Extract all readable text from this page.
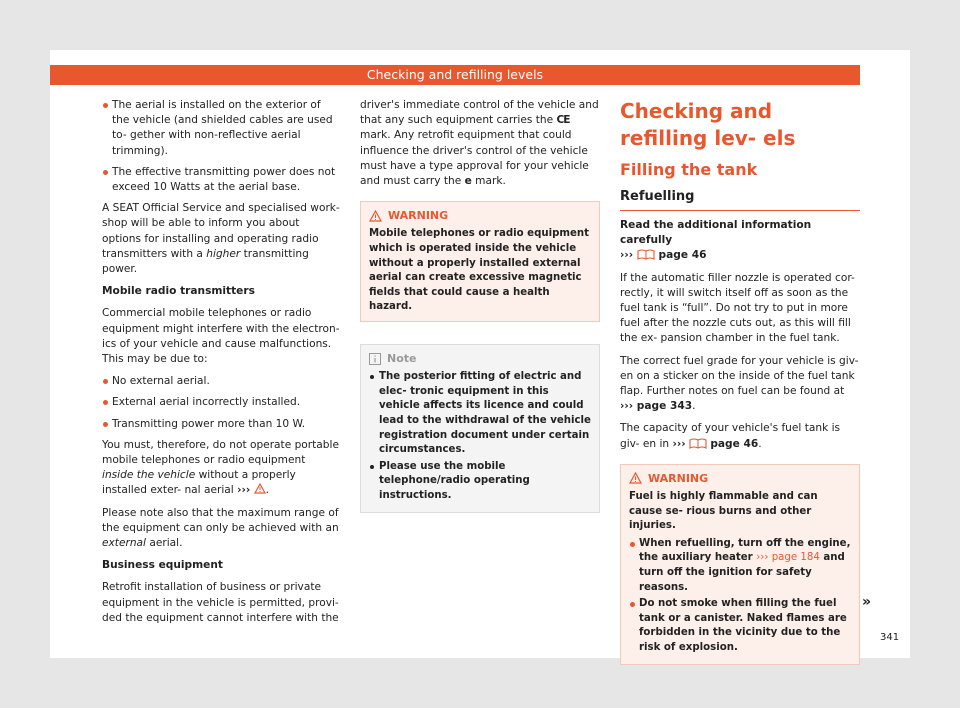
Checking and refilling levels
The aerial is installed on the exterior of the vehicle (and shielded cables are used to- gether with non-reflective aerial trimming).
The effective transmitting power does not exceed 10 Watts at the aerial base.

A SEAT Official Service and specialised work- shop will be able to inform you about options for installing and operating radio transmitters with a higher transmitting power.

Mobile radio transmitters

Commercial mobile telephones or radio equipment might interfere with the electron- ics of your vehicle and cause malfunctions. This may be due to:

No external aerial.
External aerial incorrectly installed.
Transmitting power more than 10 W.

You must, therefore, do not operate portable mobile telephones or radio equipment inside the vehicle without a properly installed exter- nal aerial ››› .

Please note also that the maximum range of the equipment can only be achieved with an external aerial.

Business equipment

Retrofit installation of business or private equipment in the vehicle is permitted, provi- ded the equipment cannot interfere with the

driver's immediate control of the vehicle and that any such equipment carries the CE mark. Any retrofit equipment that could influence the driver's control of the vehicle must have a type approval for your vehicle and must carry the e mark.

WARNING
Mobile telephones or radio equipment which is operated inside the vehicle without a properly installed external aerial can create excessive magnetic fields that could cause a health hazard.
Note
The posterior fitting of electric and elec- tronic equipment in this vehicle affects its licence and could lead to the withdrawal of the vehicle registration document under certain circumstances.
Please use the mobile telephone/radio operating instructions.

Checking and refilling lev- els

Filling the tank

Refuelling

Read the additional information carefully
››› page 46

If the automatic filler nozzle is operated cor- rectly, it will switch itself off as soon as the fuel tank is “full”. Do not try to put in more fuel after the nozzle cuts out, as this will fill the ex- pansion chamber in the fuel tank.

The correct fuel grade for your vehicle is giv- en on a sticker on the inside of the fuel tank flap. Further notes on fuel can be found at ››› page 343.

The capacity of your vehicle's fuel tank is giv- en in ››› page 46.

WARNING
Fuel is highly flammable and can cause se- rious burns and other injuries.
When refuelling, turn off the engine, the auxiliary heater ››› page 184 and turn off the ignition for safety reasons.
Do not smoke when filling the fuel tank or a canister. Naked flames are forbidden in the vicinity due to the risk of explosion.
»
341
